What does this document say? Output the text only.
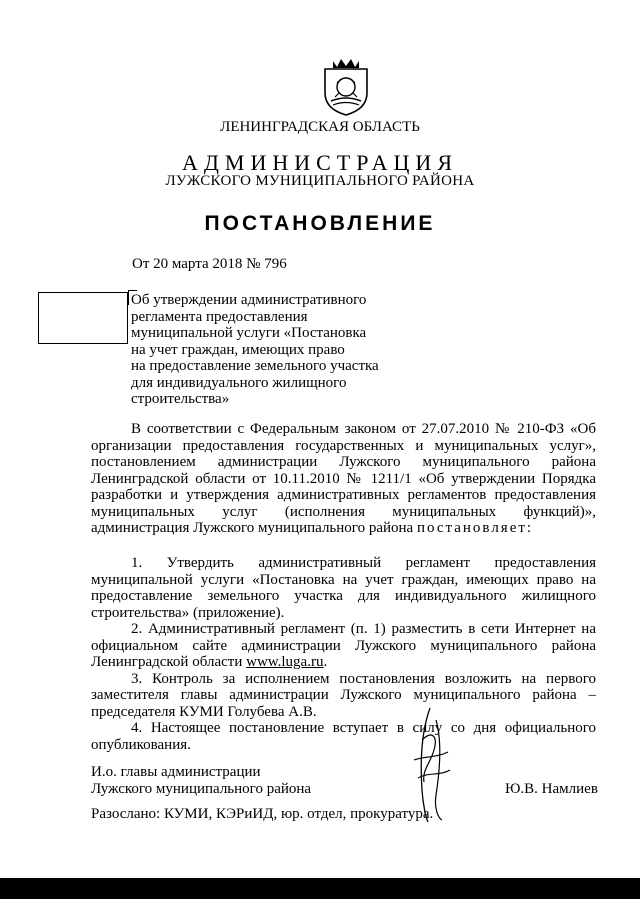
ЛЕНИНГРАДСКАЯ ОБЛАСТЬ
АДМИНИСТРАЦИЯ
ЛУЖСКОГО МУНИЦИПАЛЬНОГО РАЙОНА
ПОСТАНОВЛЕНИЕ
От 20 марта 2018 № 796
Об утверждении административного
регламента предоставления
муниципальной услуги «Постановка
на учет граждан, имеющих право
на предоставление земельного участка
для индивидуального жилищного
строительства»
В соответствии с Федеральным законом от 27.07.2010 № 210-ФЗ «Об организации предоставления государственных и муниципальных услуг», постановлением администрации Лужского муниципального района Ленинградской области от 10.11.2010 № 1211/1 «Об утверждении Порядка разработки и утверждения административных регламентов предоставления муниципальных услуг (исполнения муниципальных функций)», администрация Лужского муниципального района постановляет:

1. Утвердить административный регламент предоставления муниципальной услуги «Постановка на учет граждан, имеющих право на предоставление земельного участка для индивидуального жилищного строительства» (приложение).

2. Административный регламент (п. 1) разместить в сети Интернет на официальном сайте администрации Лужского муниципального района Ленинградской области www.luga.ru.

3. Контроль за исполнением постановления возложить на первого заместителя главы администрации Лужского муниципального района – председателя КУМИ Голубева А.В.

4. Настоящее постановление вступает в силу со дня официального опубликования.

И.о. главы администрации
Лужского муниципального района	Ю.В. Намлиев
Разослано: КУМИ, КЭРиИД, юр. отдел, прокуратура.
